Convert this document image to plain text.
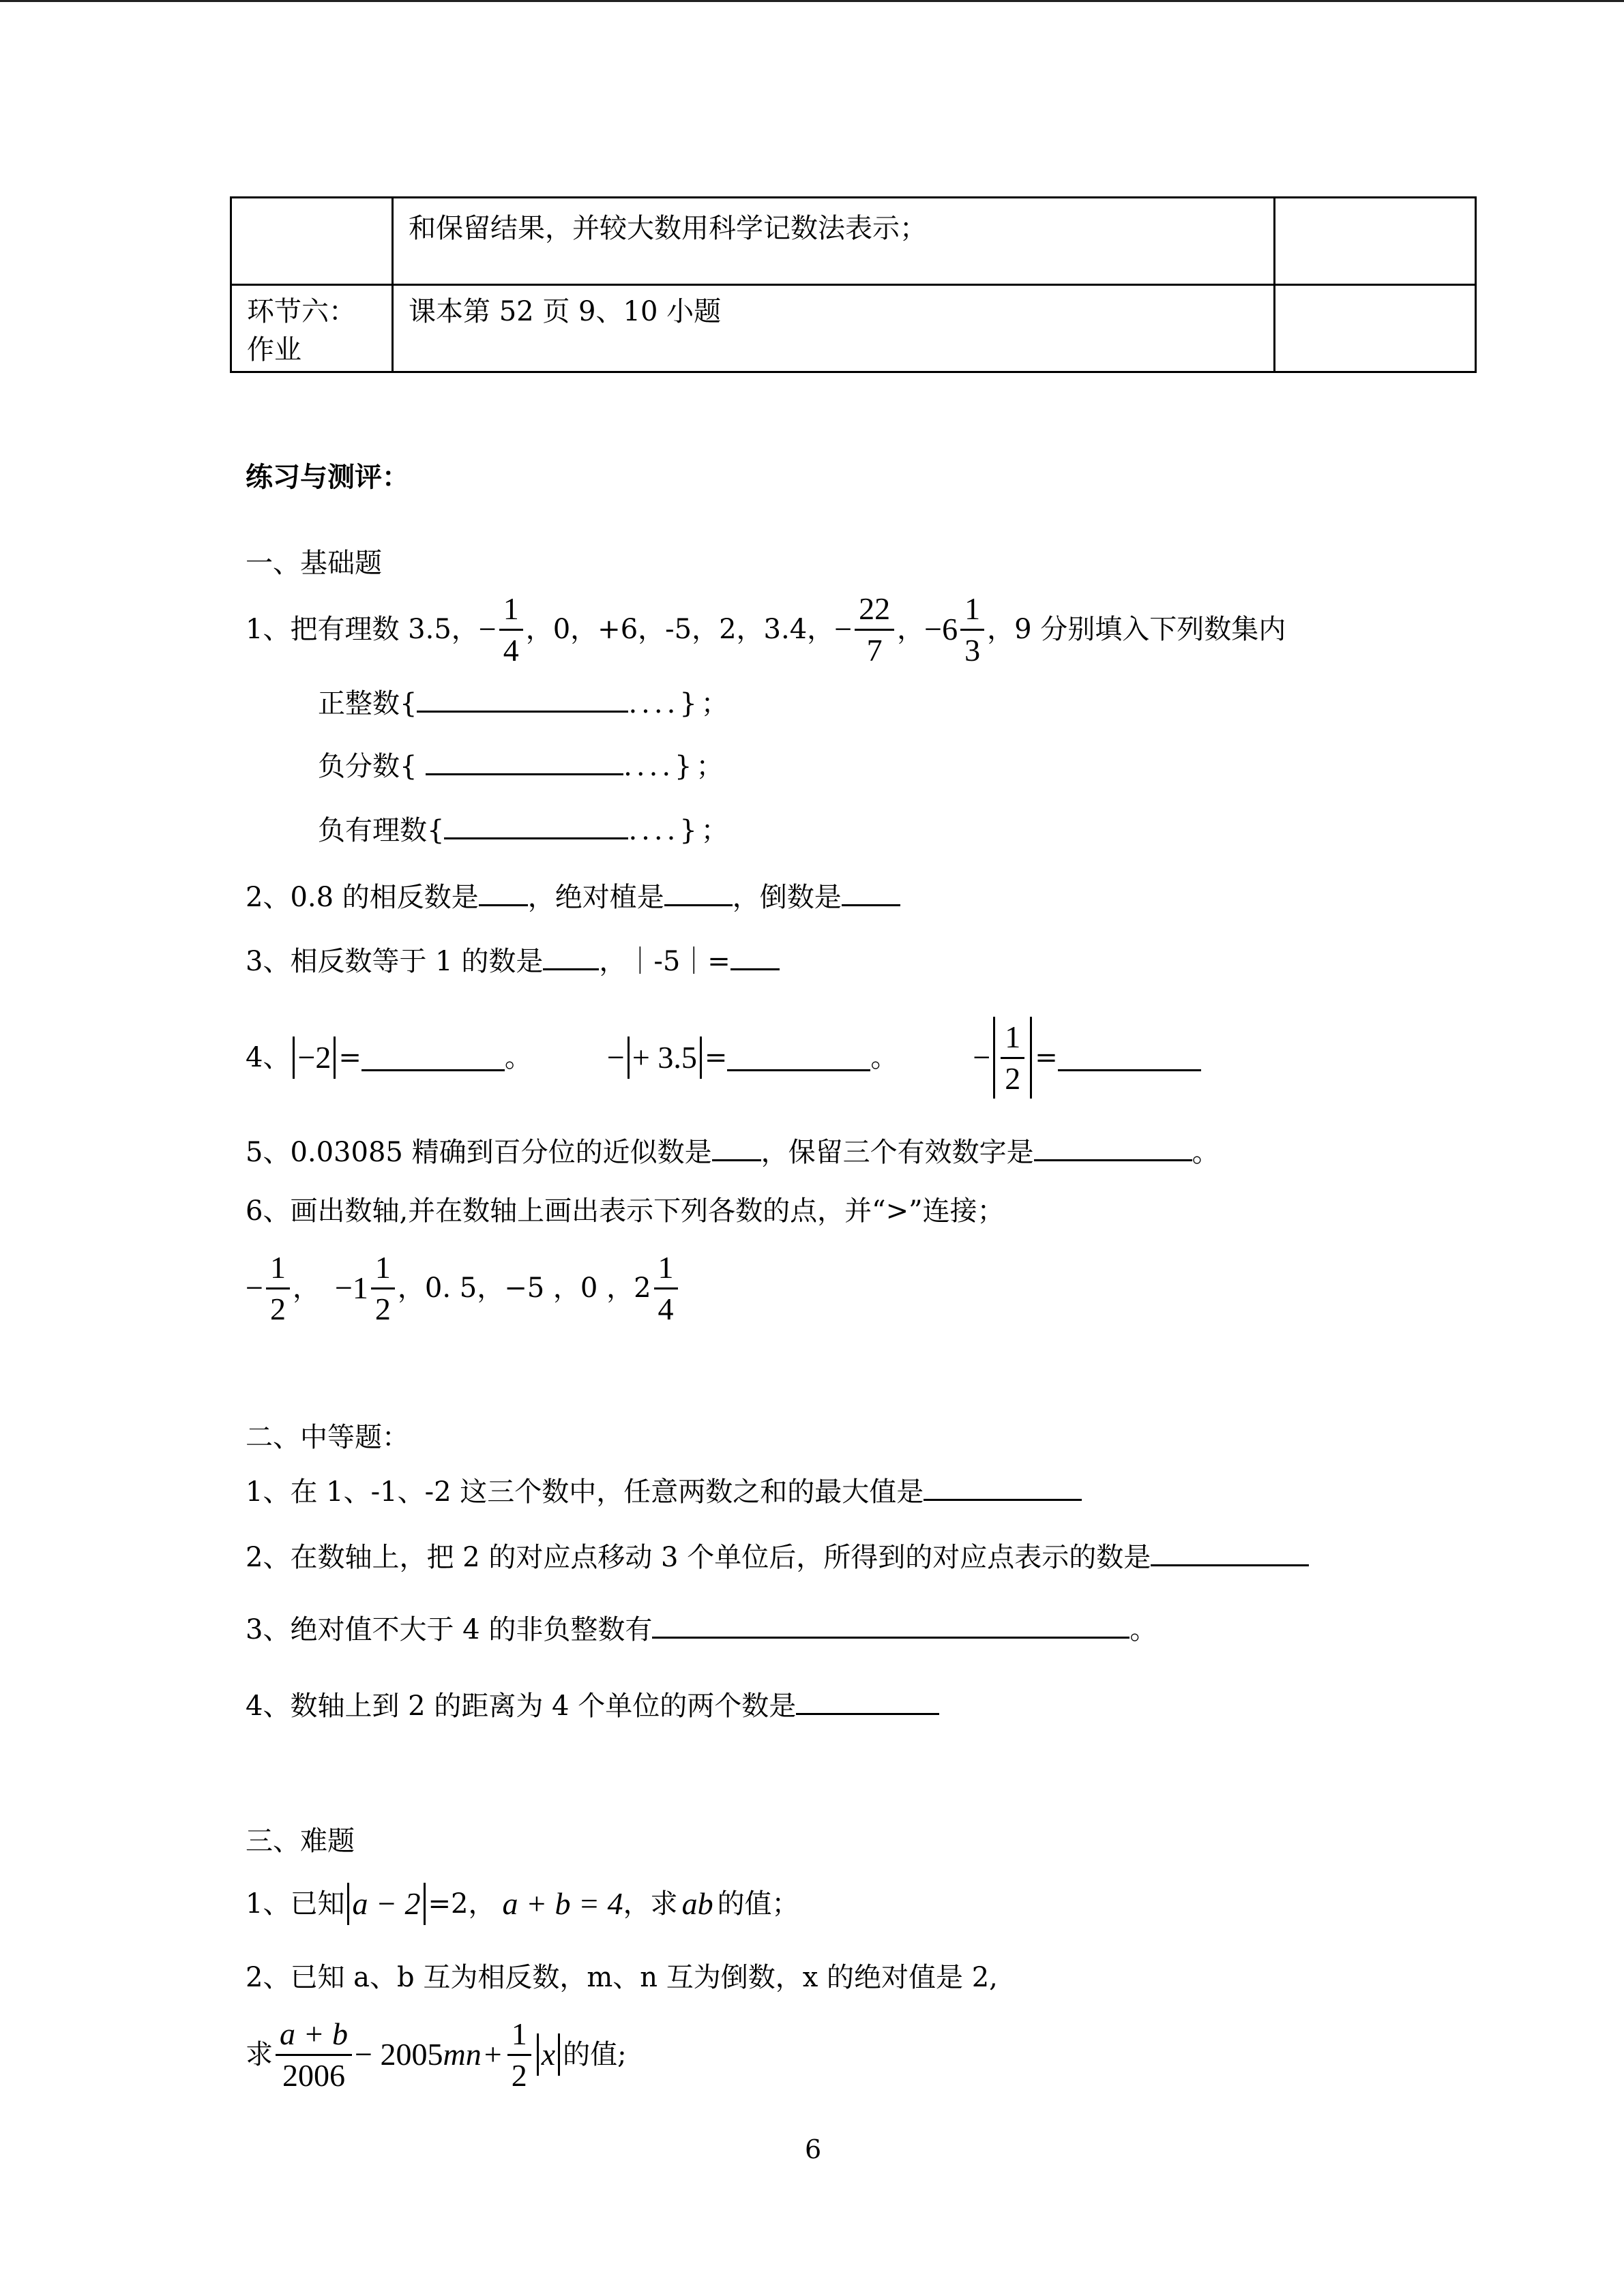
	和保留结果，并较大数用科学记数法表示；	

环节六：
作业	课本第 52 页 9、10 小题	

练习与测评：
一、基础题
1、把有理数 3.5， − $\frac{1}{4}$ ，0，+6，-5，2，3.4， − $\frac{22}{7}$ ， $-6 \frac{1}{3}$ ，9 分别填入下列数集内
正整数{	....}；
负分数{	....}；
负有理数{	....}；
2、0.8 的相反数是 ，绝对植是	，倒数是
3、相反数等于 1 的数是 ，｜-5｜=
4、 −2 =	。 − + 3.5 =	。 − $\frac{1}{2}$ =
5、0.03085 精确到百分位的近似数是 ，保留三个有效数字是	。
6、画出数轴,并在数轴上画出表示下列各数的点，并“>”连接；
− $\frac{1}{2}$ ， $-1 \frac{1}{2}$ ，0. 5，−5 ，0 ，$2 \frac{1}{4}$
二、中等题：
1、在 1、-1、-2 这三个数中，任意两数之和的最大值是
2、在数轴上，把 2 的对应点移动 3 个单位后，所得到的对应点表示的数是
3、绝对值不大于 4 的非负整数有	。
4、数轴上到 2 的距离为 4 个单位的两个数是
三、难题
1、已知 a − 2 =2， a + b = 4 ，求 ab 的值；
2、已知 a、b 互为相反数，m、n 互为倒数，x 的绝对值是 2,
求 $\frac{a + b}{2006} - 2005$ mn + $\frac{1}{2}$ x 的值;
6
